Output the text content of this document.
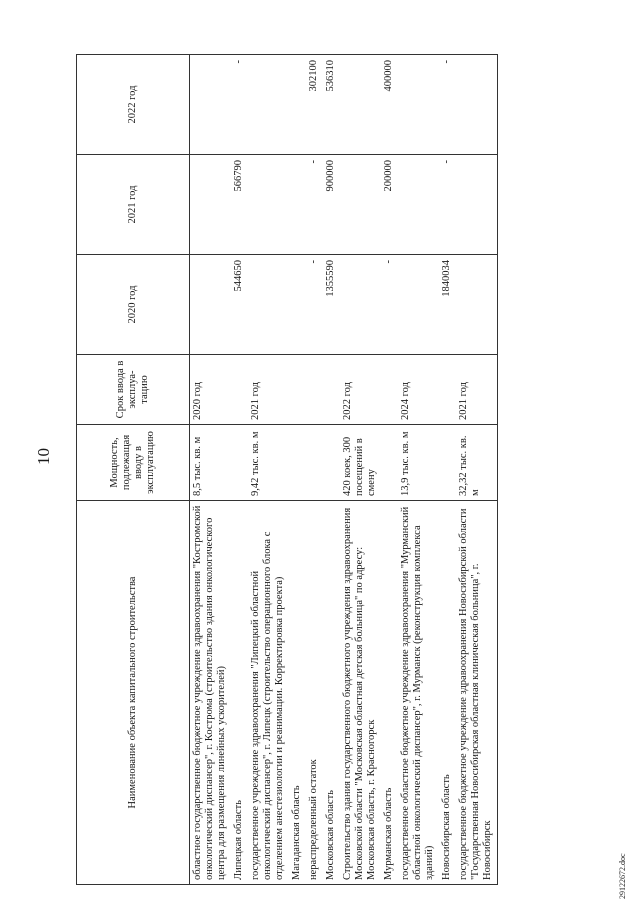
10
Наименование объекта капитального строительства	Мощность, подлежащая вводу в эксплуатацию	Срок ввода в эксплуа-тацию	2020 год	2021 год	2022 год
областное государственное бюджетное учреждение здравоохранения "Костромской онкологический диспансер", г. Кострома (строительство здания онкологического центра для размещения линейных ускорителей)	8,5 тыс. кв. м	2020 год			
Липецкая область			544650	566790	-
государственное учреждение здравоохранения "Липецкий областной онкологический диспансер", г. Липецк (строительство операционного блока с отделением анестезиологии и реанимации. Корректировка проекта)	9,42 тыс. кв. м	2021 год			
Магаданская область					
нераспределенный остаток			-	-	302100
Московская область			1355590	900000	536310
Строительство здания государственного бюджетного учреждения здравоохранения Московской области "Московская областная детская больница" по адресу: Московская область, г. Красногорск	420 коек, 300 посещений в смену	2022 год			
Мурманская область			-	200000	400000
государственное областное бюджетное учреждение здравоохранения "Мурманский областной онкологический диспансер", г. Мурманск (реконструкция комплекса зданий)	13,9 тыс. кв. м	2024 год			
Новосибирская область			1840034	-	-
государственное бюджетное учреждение здравоохранения Новосибирской области "Государственная Новосибирская областная клиническая больница", г. Новосибирск	32,32 тыс. кв. м	2021 год			
29122672.doc
